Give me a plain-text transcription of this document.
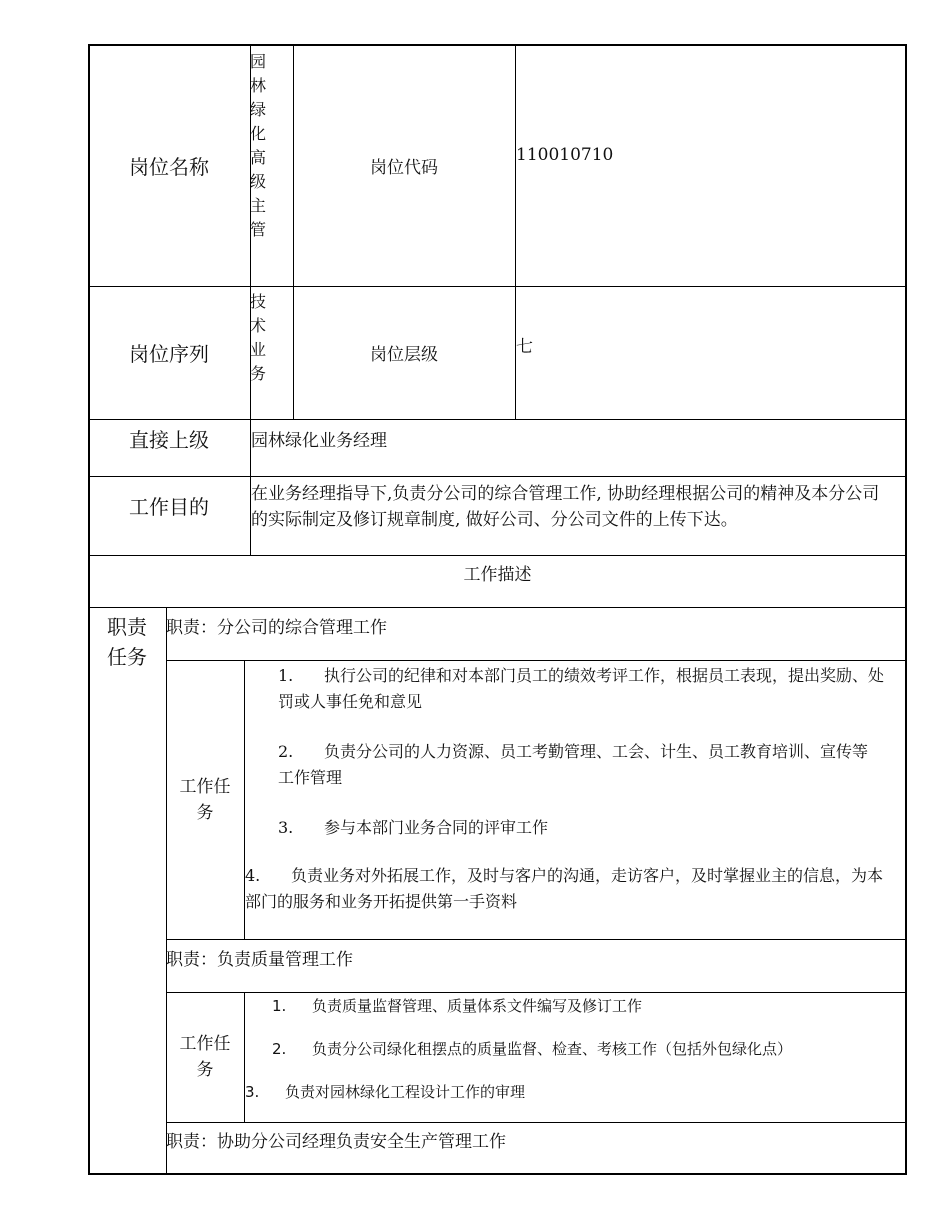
岗位名称
园林绿化高级主管
岗位代码
110010710
岗位序列
技术业务
岗位层级	七
直接上级	园林绿化业务经理
工作目的
在业务经理指导下,负责分公司的综合管理工作, 协助经理根据公司的精神及本分公司的实际制定及修订规章制度, 做好公司、分公司文件的上传下达。
工作描述
职责任务
职责：分公司的综合管理工作
工作任务
1. 执行公司的纪律和对本部门员工的绩效考评工作，根据员工表现，提出奖励、处罚或人事任免和意见
2. 负责分公司的人力资源、员工考勤管理、工会、计生、员工教育培训、宣传等工作管理
3. 参与本部门业务合同的评审工作
4. 负责业务对外拓展工作，及时与客户的沟通，走访客户，及时掌握业主的信息，为本部门的服务和业务开拓提供第一手资料
职责：负责质量管理工作
工作任务
1. 负责质量监督管理、质量体系文件编写及修订工作
2. 负责分公司绿化租摆点的质量监督、检查、考核工作（包括外包绿化点）
3. 负责对园林绿化工程设计工作的审理
职责：协助分公司经理负责安全生产管理工作
